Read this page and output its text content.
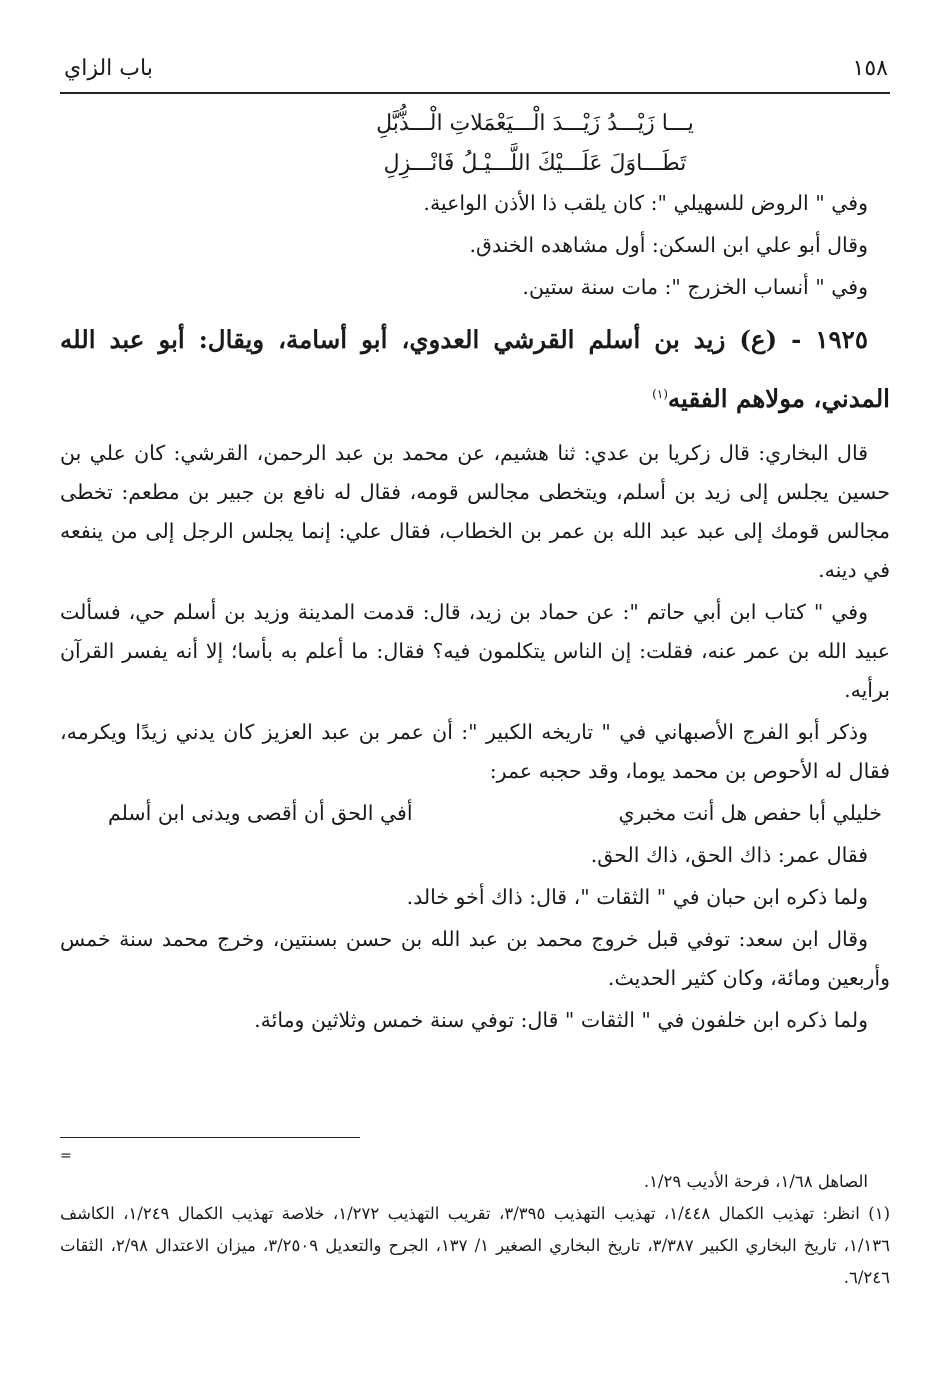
١٥٨
باب الزاي
يـــا زَيْـــدُ زَيْـــدَ الْـــيَعْمَلاتِ الْـــذُّبَّلِ
تَطَـــاوَلَ عَلَـــيْكَ اللَّـــيْـلُ فَانْـــزِلِ

وفي " الروض للسهيلي ": كان يلقب ذا الأذن الواعية.

وقال أبو علي ابن السكن: أول مشاهده الخندق.

وفي " أنساب الخزرج ": مات سنة ستين.

١٩٢٥ - (ع) زيد بن أسلم القرشي العدوي، أبو أسامة، ويقال: أبو عبد الله المدني، مولاهم الفقيه$^{(١)}$

قال البخاري: قال زكريا بن عدي: ثنا هشيم، عن محمد بن عبد الرحمن، القرشي: كان علي بن حسين يجلس إلى زيد بن أسلم، ويتخطى مجالس قومه، فقال له نافع بن جبير بن مطعم: تخطى مجالس قومك إلى عبد عبد الله بن عمر بن الخطاب، فقال علي: إنما يجلس الرجل إلى من ينفعه في دينه.

وفي " كتاب ابن أبي حاتم ": عن حماد بن زيد، قال: قدمت المدينة وزيد بن أسلم حي، فسألت عبيد الله بن عمر عنه، فقلت: إن الناس يتكلمون فيه؟ فقال: ما أعلم به بأسا؛ إلا أنه يفسر القرآن برأيه.

وذكر أبو الفرج الأصبهاني في " تاريخه الكبير ": أن عمر بن عبد العزيز كان يدني زيدًا ويكرمه، فقال له الأحوص بن محمد يوما، وقد حجبه عمر:

خليلي أبا حفص هل أنت مخبري
أفي الحق أن أقصى ويدنى ابن أسلم

فقال عمر: ذاك الحق، ذاك الحق.

ولما ذكره ابن حبان في " الثقات "، قال: ذاك أخو خالد.

وقال ابن سعد: توفي قبل خروج محمد بن عبد الله بن حسن بسنتين، وخرج محمد سنة خمس وأربعين ومائة، وكان كثير الحديث.

ولما ذكره ابن خلفون في " الثقات " قال: توفي سنة خمس وثلاثين ومائة.

=

الصاهل ١/٦٨، فرحة الأديب ١/٢٩.

(١) انظر: تهذيب الكمال ١/٤٤٨، تهذيب التهذيب ٣/٣٩٥، تقريب التهذيب ١/٢٧٢، خلاصة تهذيب الكمال ١/٢٤٩، الكاشف ١/١٣٦، تاريخ البخاري الكبير ٣/٣٨٧، تاريخ البخاري الصغير ١/ ١٣٧، الجرح والتعديل ٣/٢٥٠٩، ميزان الاعتدال ٢/٩٨، الثقات ٦/٢٤٦.
